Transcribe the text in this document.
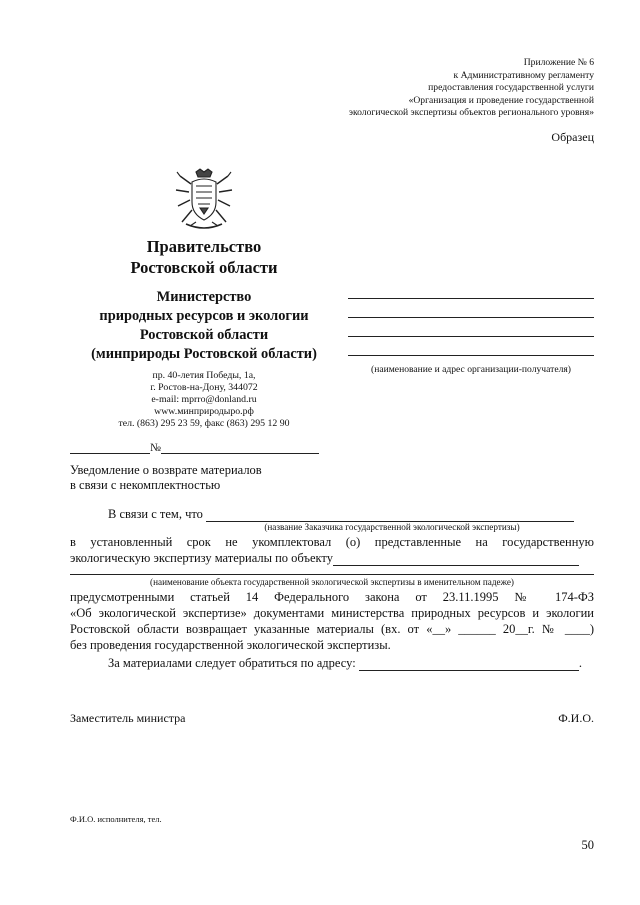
Приложение № 6
к Административному регламенту
предоставления государственной услуги
«Организация и проведение государственной
экологической экспертизы объектов регионального уровня»
Образец
Правительство
Ростовской области
Министерство
природных ресурсов и экологии
Ростовской области
(минприроды Ростовской области)
пр. 40-летия Победы, 1а,
г. Ростов-на-Дону, 344072
e-mail: mprro@donland.ru
www.минприродыро.рф
тел. (863) 295 23 59, факс (863) 295 12 90
(наименование и адрес организации-получателя)
№
Уведомление о возврате материалов
в связи с некомплектностью
В связи с тем, что
(название Заказчика государственной экологической экспертизы)
в установленный срок не укомплектовал (о) представленные на государственную
экологическую экспертизу материалы по объекту
(наименование объекта государственной экологической экспертизы в именительном падеже)
предусмотренными статьей 14 Федерального закона от 23.11.1995 № 174-ФЗ
«Об экологической экспертизе» документами министерства природных ресурсов и экологии
Ростовской области возвращает указанные материалы (вх. от «__» ______ 20__г. № ____)
без проведения государственной экологической экспертизы.
За материалами следует обратиться по адресу:	.
Заместитель министра	Ф.И.О.
Ф.И.О. исполнителя, тел.
50
